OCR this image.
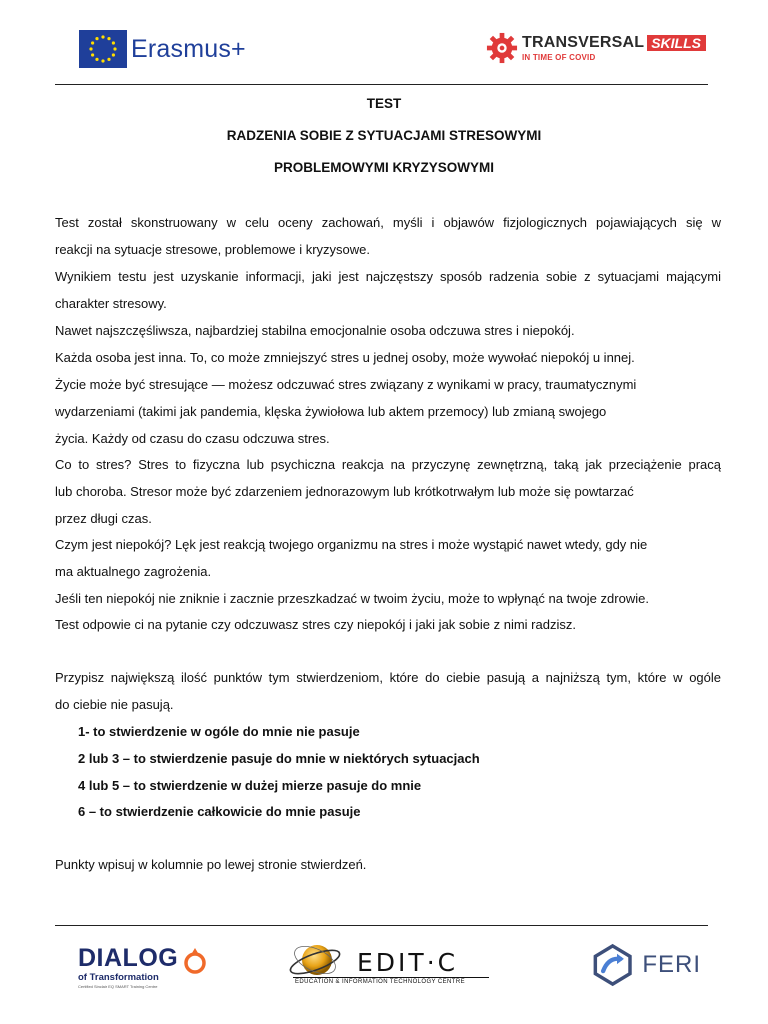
Erasmus+	TRANSVERSAL SKILLS
IN TIME OF COVID
TEST
RADZENIA SOBIE Z SYTUACJAMI STRESOWYMI
PROBLEMOWYMI KRYZYSOWYMI
Test został skonstruowany w celu oceny zachowań, myśli i objawów fizjologicznych pojawiających się w
reakcji na sytuacje stresowe, problemowe i kryzysowe.
Wynikiem testu jest uzyskanie informacji, jaki jest najczęstszy sposób radzenia sobie z sytuacjami mającymi
charakter stresowy.
Nawet najszczęśliwsza, najbardziej stabilna emocjonalnie osoba odczuwa stres i niepokój.
Każda osoba jest inna. To, co może zmniejszyć stres u jednej osoby, może wywołać niepokój u innej.
Życie może być stresujące — możesz odczuwać stres związany z wynikami w pracy, traumatycznymi
wydarzeniami (takimi jak pandemia, klęska żywiołowa lub aktem przemocy) lub zmianą swojego
życia. Każdy od czasu do czasu odczuwa stres.
Co to stres? Stres to fizyczna lub psychiczna reakcja na przyczynę zewnętrzną, taką jak przeciążenie pracą
lub choroba. Stresor może być zdarzeniem jednorazowym lub krótkotrwałym lub może się powtarzać
przez długi czas.
Czym jest niepokój? Lęk jest reakcją twojego organizmu na stres i może wystąpić nawet wtedy, gdy nie
ma aktualnego zagrożenia.
Jeśli ten niepokój nie zniknie i zacznie przeszkadzać w twoim życiu, może to wpłynąć na twoje zdrowie.
Test odpowie ci na pytanie czy odczuwasz stres czy niepokój i jaki jak sobie z nimi radzisz.
Przypisz największą ilość punktów tym stwierdzeniom, które do ciebie pasują a najniższą tym, które w ogóle
do ciebie nie pasują.
1- to stwierdzenie w ogóle do mnie nie pasuje
2 lub 3 – to stwierdzenie pasuje do mnie w niektórych sytuacjach
4 lub 5 – to stwierdzenie w dużej mierze pasuje do mnie
6 – to stwierdzenie całkowicie do mnie pasuje
Punkty wpisuj w kolumnie po lewej stronie stwierdzeń.
DIALOG
of Transformation
Certified Sinclair EQ SMART Training Centre
EDIT·C
EDUCATION & INFORMATION TECHNOLOGY CENTRE
FERI
